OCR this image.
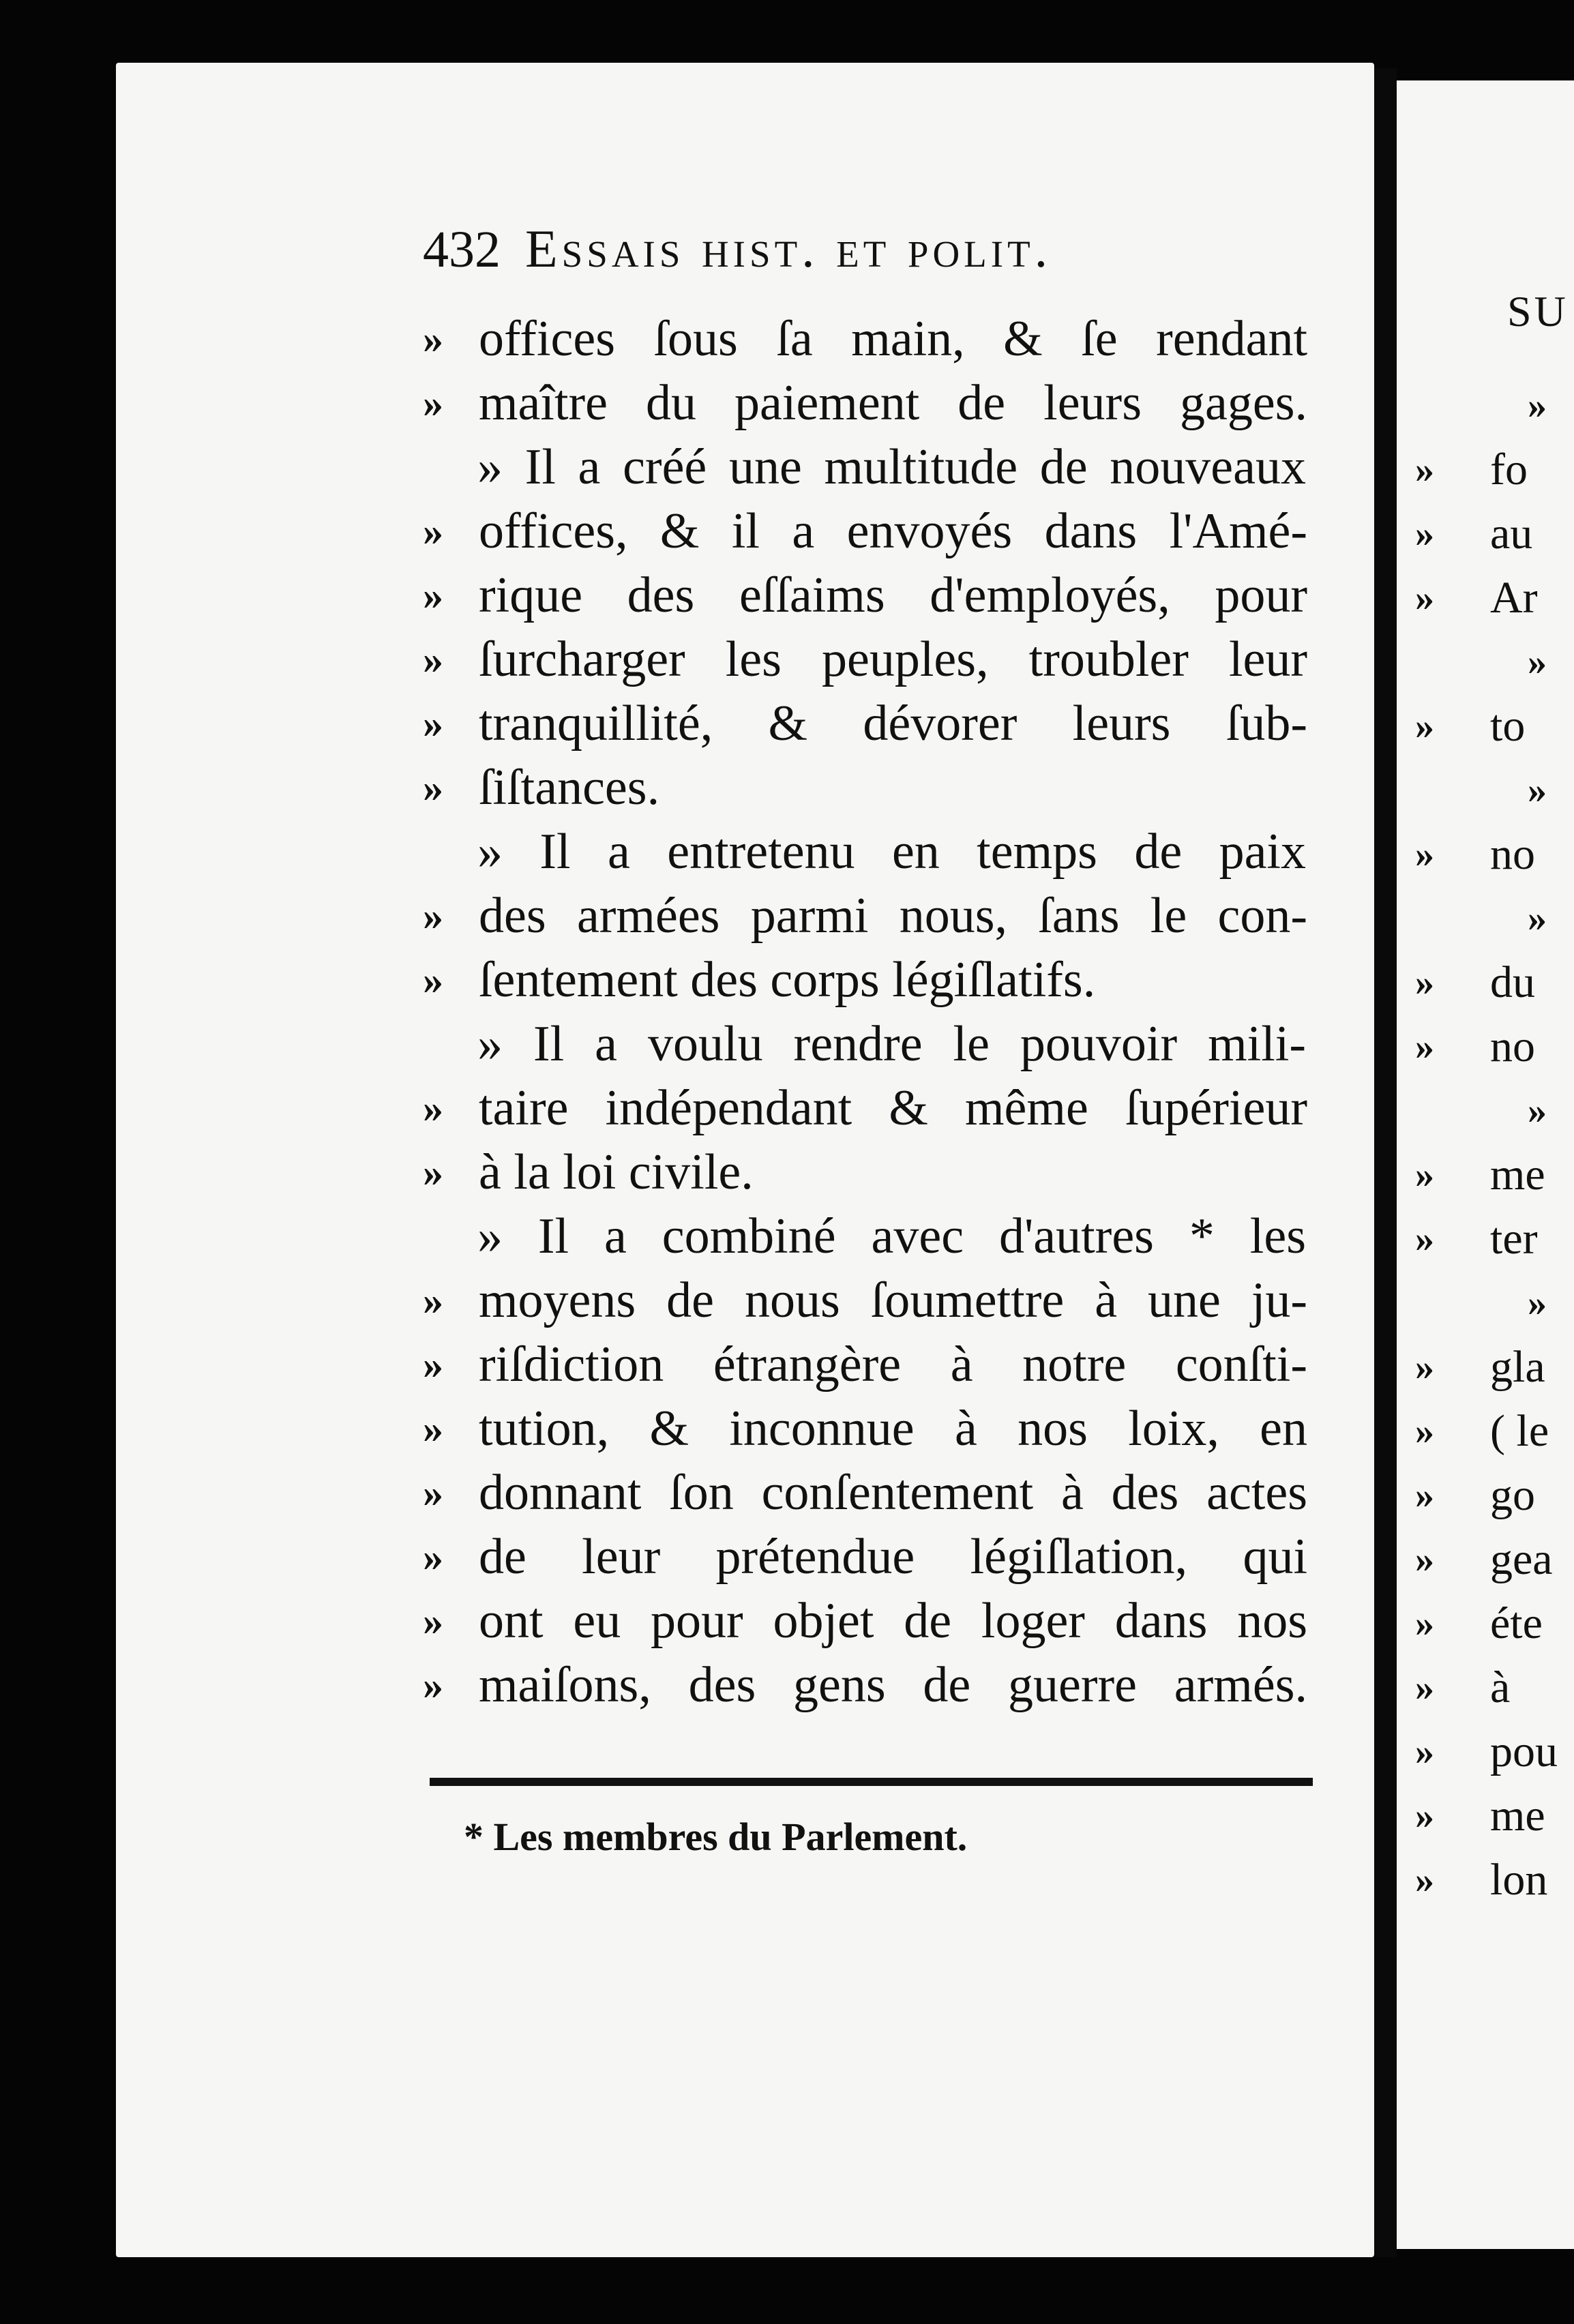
432 Essais hist. et polit.
» offices ſous ſa main, & ſe rendant
» maître du paiement de leurs gages.
» Il a créé une multitude de nouveaux
» offices, & il a envoyés dans l'Amé-
» rique des eſſaims d'employés, pour
» ſurcharger les peuples, troubler leur
» tranquillité, & dévorer leurs ſub-
» ſiſtances.
» Il a entretenu en temps de paix
» des armées parmi nous, ſans le con-
» ſentement des corps légiſlatifs.
» Il a voulu rendre le pouvoir mili-
» taire indépendant & même ſupérieur
» à la loi civile.
» Il a combiné avec d'autres * les
» moyens de nous ſoumettre à une ju-
» riſdiction étrangère à notre conſti-
» tution, & inconnue à nos loix, en
» donnant ſon conſentement à des actes
» de leur prétendue légiſlation, qui
» ont eu pour objet de loger dans nos
» maiſons, des gens de guerre armés.
* Les membres du Parlement.
SU
»
» fo
» au
» Ar
»
» to
»
» no
»
» du
» no
»
» me
» ter
»
» gla
» ( le
» go
» gea
» éte
» à
» pou
» me
» lon
